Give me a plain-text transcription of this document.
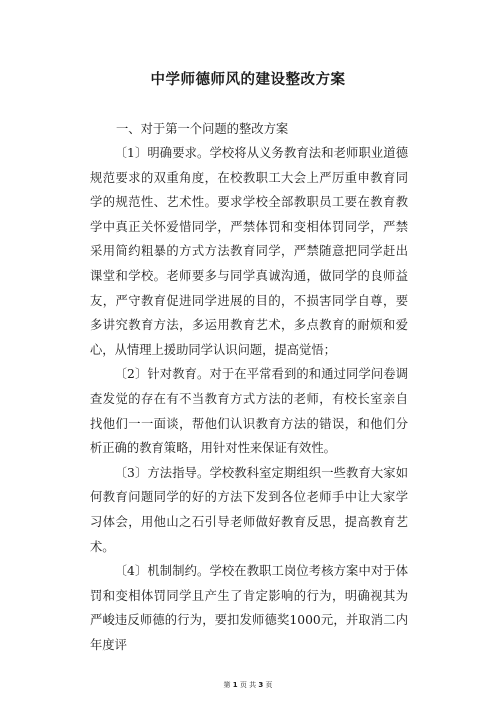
中学师德师风的建设整改方案
一、对于第一个问题的整改方案

〔1〕明确要求。学校将从义务教育法和老师职业道德规范要求的双重角度，在校教职工大会上严厉重申教育同学的规范性、艺术性。要求学校全部教职员工要在教育教学中真正关怀爱惜同学，严禁体罚和变相体罚同学，严禁采用简约粗暴的方式方法教育同学，严禁随意把同学赶出课堂和学校。老师要多与同学真诚沟通，做同学的良师益友，严守教育促进同学进展的目的，不损害同学自尊，要多讲究教育方法，多运用教育艺术，多点教育的耐烦和爱心，从情理上援助同学认识问题，提高觉悟；

〔2〕针对教育。对于在平常看到的和通过同学问卷调查发觉的存在有不当教育方式方法的老师，有校长室亲自找他们一一面谈，帮他们认识教育方法的错误，和他们分析正确的教育策略，用针对性来保证有效性。

〔3〕方法指导。学校教科室定期组织一些教育大家如何教育问题同学的好的方法下发到各位老师手中让大家学习体会，用他山之石引导老师做好教育反思，提高教育艺术。

〔4〕机制制约。学校在教职工岗位考核方案中对于体罚和变相体罚同学且产生了肯定影响的行为，明确视其为严峻违反师德的行为，要扣发师德奖1000元，并取消二内年度评

第 1 页 共 3 页
